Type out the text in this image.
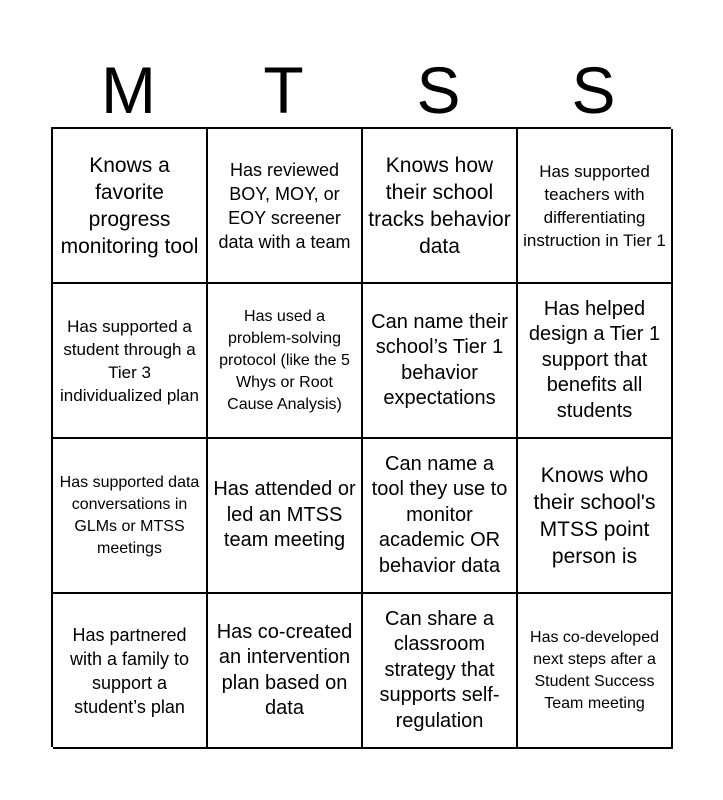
M	T	S	S
Knows a favorite progress monitoring tool
Has reviewed BOY, MOY, or EOY screener data with a team
Knows how their school tracks behavior data
Has supported teachers with differentiating instruction in Tier 1
Has supported a student through a Tier 3 individualized plan
Has used a problem-solving protocol (like the 5 Whys or Root Cause Analysis)
Can name their school’s Tier 1 behavior expectations
Has helped design a Tier 1 support that benefits all students
Has supported data conversations in GLMs or MTSS meetings
Has attended or led an MTSS team meeting
Can name a tool they use to monitor academic OR behavior data
Knows who their school's MTSS point person is
Has partnered with a family to support a student’s plan
Has co-created an intervention plan based on data
Can share a classroom strategy that supports self-regulation
Has co-developed next steps after a Student Success Team meeting
